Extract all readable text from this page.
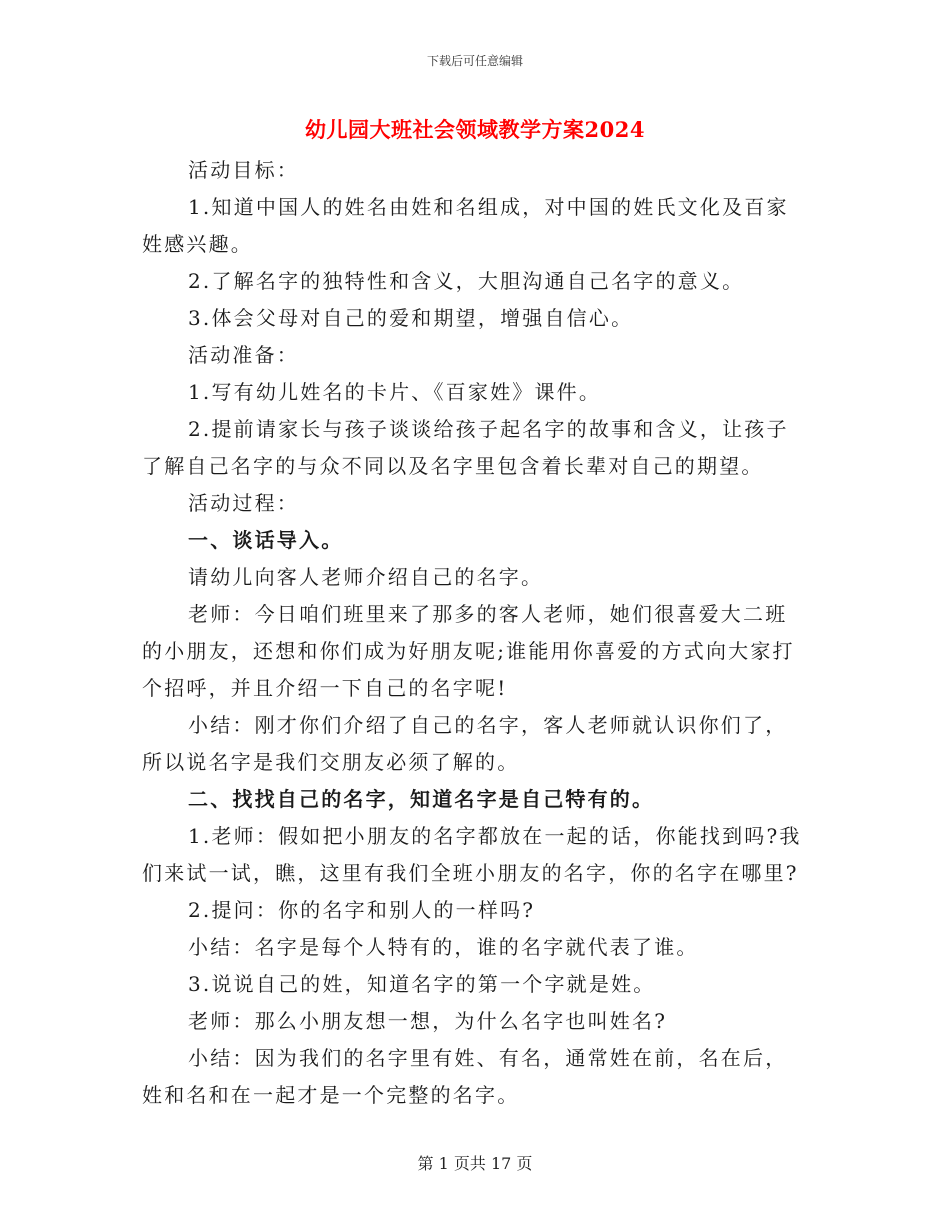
下载后可任意编辑
幼儿园大班社会领域教学方案2024

活动目标：

1.知道中国人的姓名由姓和名组成，对中国的姓氏文化及百家姓感兴趣。

2.了解名字的独特性和含义，大胆沟通自己名字的意义。

3.体会父母对自己的爱和期望，增强自信心。

活动准备：

1.写有幼儿姓名的卡片、《百家姓》课件。

2.提前请家长与孩子谈谈给孩子起名字的故事和含义，让孩子了解自己名字的与众不同以及名字里包含着长辈对自己的期望。

活动过程：

一、谈话导入。

请幼儿向客人老师介绍自己的名字。

老师：今日咱们班里来了那多的客人老师，她们很喜爱大二班的小朋友，还想和你们成为好朋友呢;谁能用你喜爱的方式向大家打个招呼，并且介绍一下自己的名字呢!

小结：刚才你们介绍了自己的名字，客人老师就认识你们了，所以说名字是我们交朋友必须了解的。

二、找找自己的名字，知道名字是自己特有的。

1.老师：假如把小朋友的名字都放在一起的话，你能找到吗?我们来试一试，瞧，这里有我们全班小朋友的名字，你的名字在哪里?

2.提问：你的名字和别人的一样吗?

小结：名字是每个人特有的，谁的名字就代表了谁。

3.说说自己的姓，知道名字的第一个字就是姓。

老师：那么小朋友想一想，为什么名字也叫姓名?

小结：因为我们的名字里有姓、有名，通常姓在前，名在后，姓和名和在一起才是一个完整的名字。

第 1 页共 17 页
